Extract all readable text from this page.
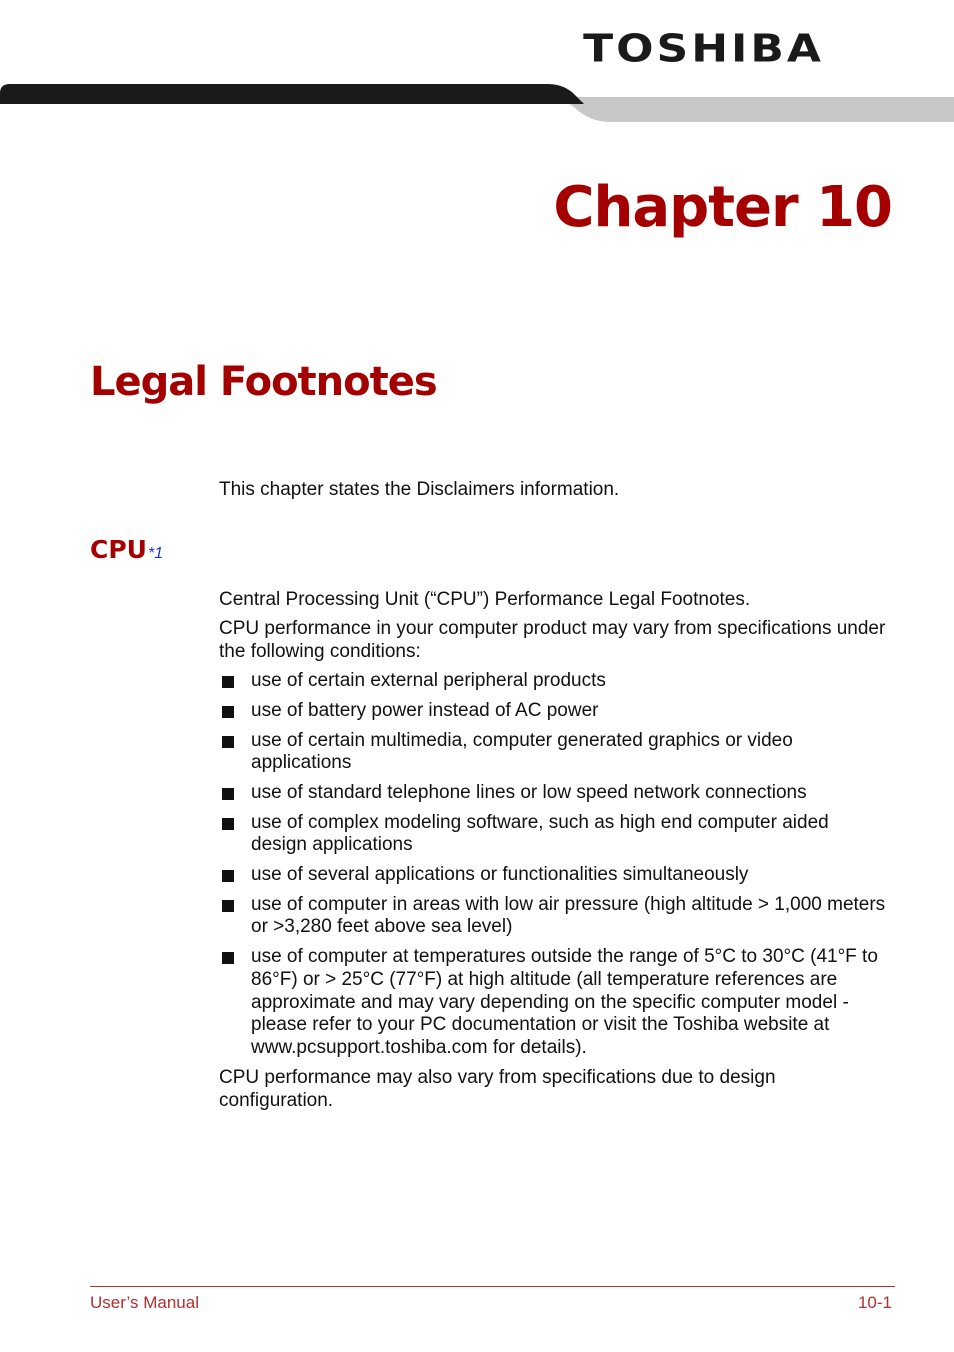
TOSHIBA
Chapter 10
Legal Footnotes
This chapter states the Disclaimers information.
CPU*1

Central Processing Unit (“CPU”) Performance Legal Footnotes.

CPU performance in your computer product may vary from specifications under the following conditions:

use of certain external peripheral products
use of battery power instead of AC power
use of certain multimedia, computer generated graphics or video applications
use of standard telephone lines or low speed network connections
use of complex modeling software, such as high end computer aided design applications
use of several applications or functionalities simultaneously
use of computer in areas with low air pressure (high altitude > 1,000 meters or >3,280 feet above sea level)
use of computer at temperatures outside the range of 5°C to 30°C (41°F to 86°F) or > 25°C (77°F) at high altitude (all temperature references are approximate and may vary depending on the specific computer model - please refer to your PC documentation or visit the Toshiba website at www.pcsupport.toshiba.com for details).

CPU performance may also vary from specifications due to design configuration.

User’s Manual	10-1
